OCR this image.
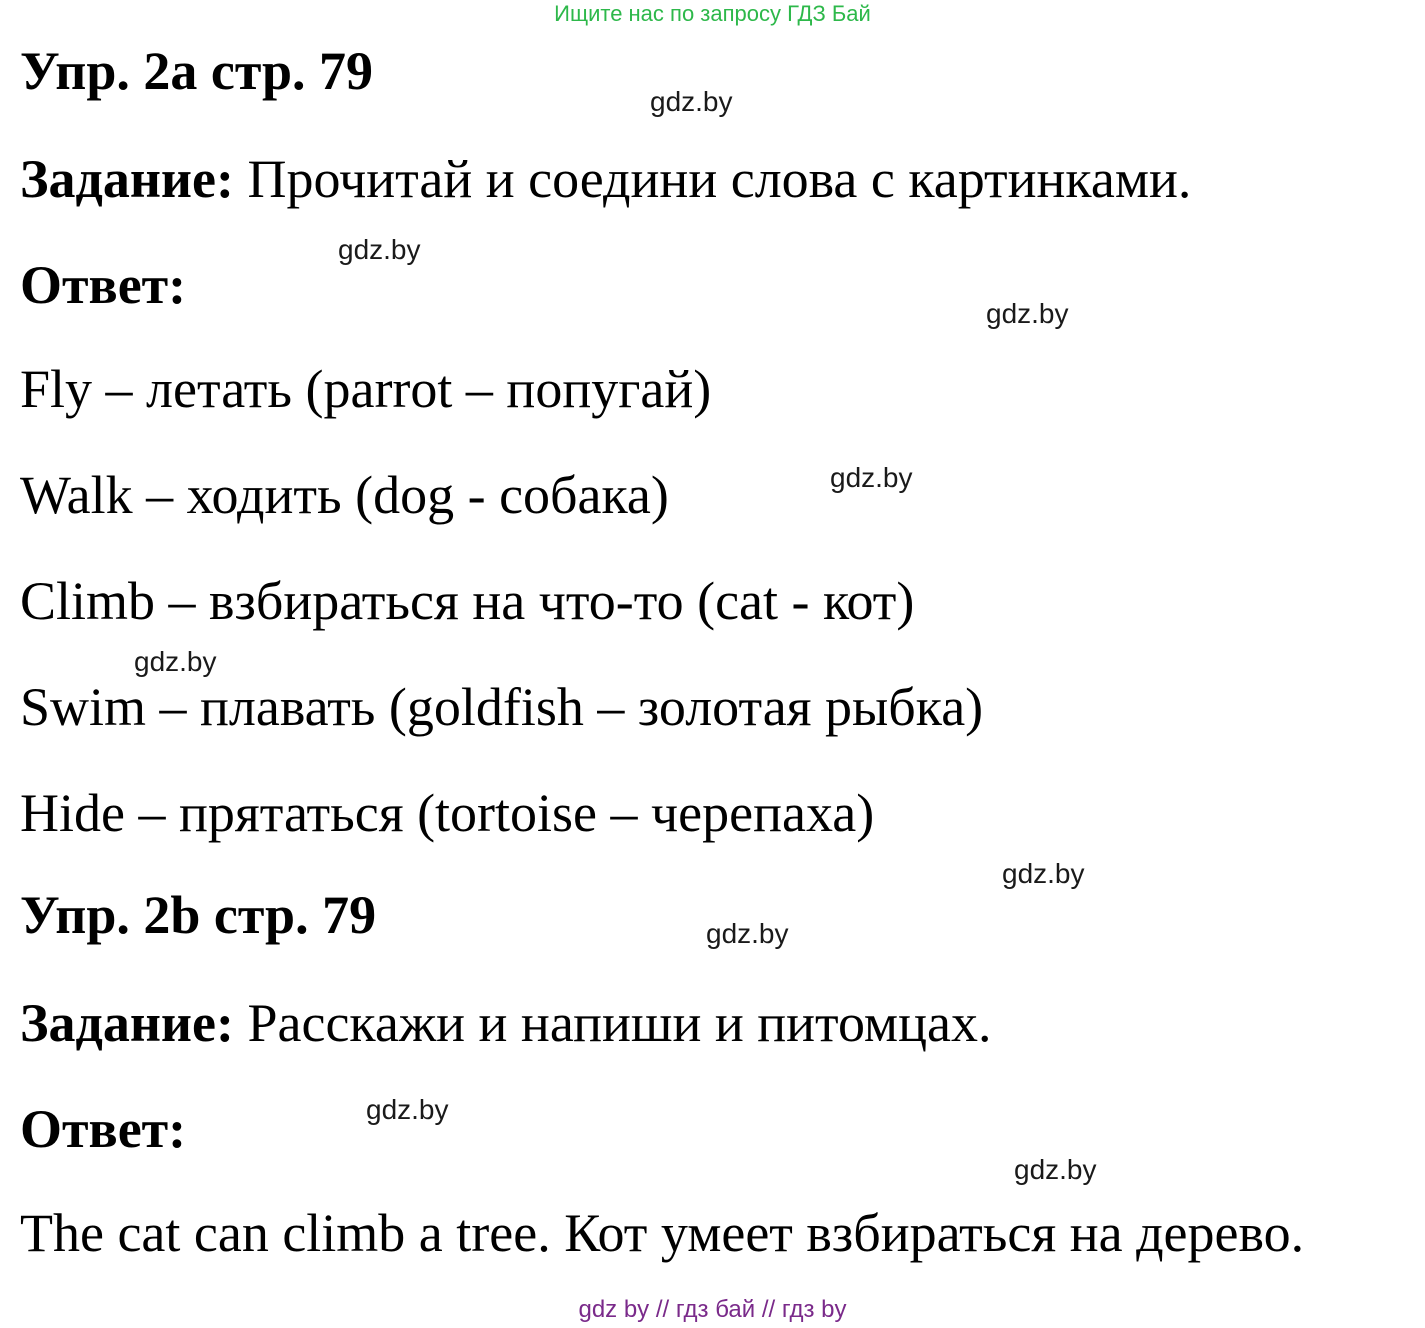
Ищите нас по запросу ГДЗ Бай
Упр. 2a стр. 79
Задание: Прочитай и соедини слова с картинками.
Ответ:
Fly – летать (parrot – попугай)
Walk – ходить (dog - собака)
Climb – взбираться на что-то (cat - кот)
Swim – плавать (goldfish – золотая рыбка)
Hide – прятаться (tortoise – черепаха)
Упр. 2b стр. 79
Задание: Расскажи и напиши и питомцах.
Ответ:
The cat can climb a tree. Кот умеет взбираться на дерево.
gdz.by
gdz.by
gdz.by
gdz.by
gdz.by
gdz.by
gdz.by
gdz.by
gdz.by
gdz by // гдз бай // гдз by
